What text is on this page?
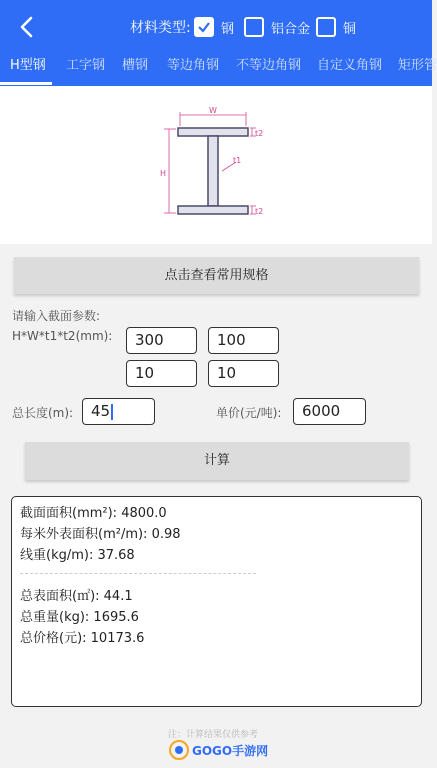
材料类型: 钢	铝合金	铜
H型钢 工字钢 槽钢 等边角钢 不等边角钢 自定义角钢 矩形管
W
H
t1
t2
t2
点击查看常用规格
请输入截面参数:
H*W*t1*t2(mm):	300	100
10	10
总长度(m):	45	单价(元/吨):	6000
计算
截面面积(mm²): 4800.0
每米外表面积(m²/m): 0.98
线重(kg/m): 37.68
总表面积(㎡): 44.1
总重量(kg): 1695.6
总价格(元): 10173.6
注：计算结果仅供参考
GOGO手游网
